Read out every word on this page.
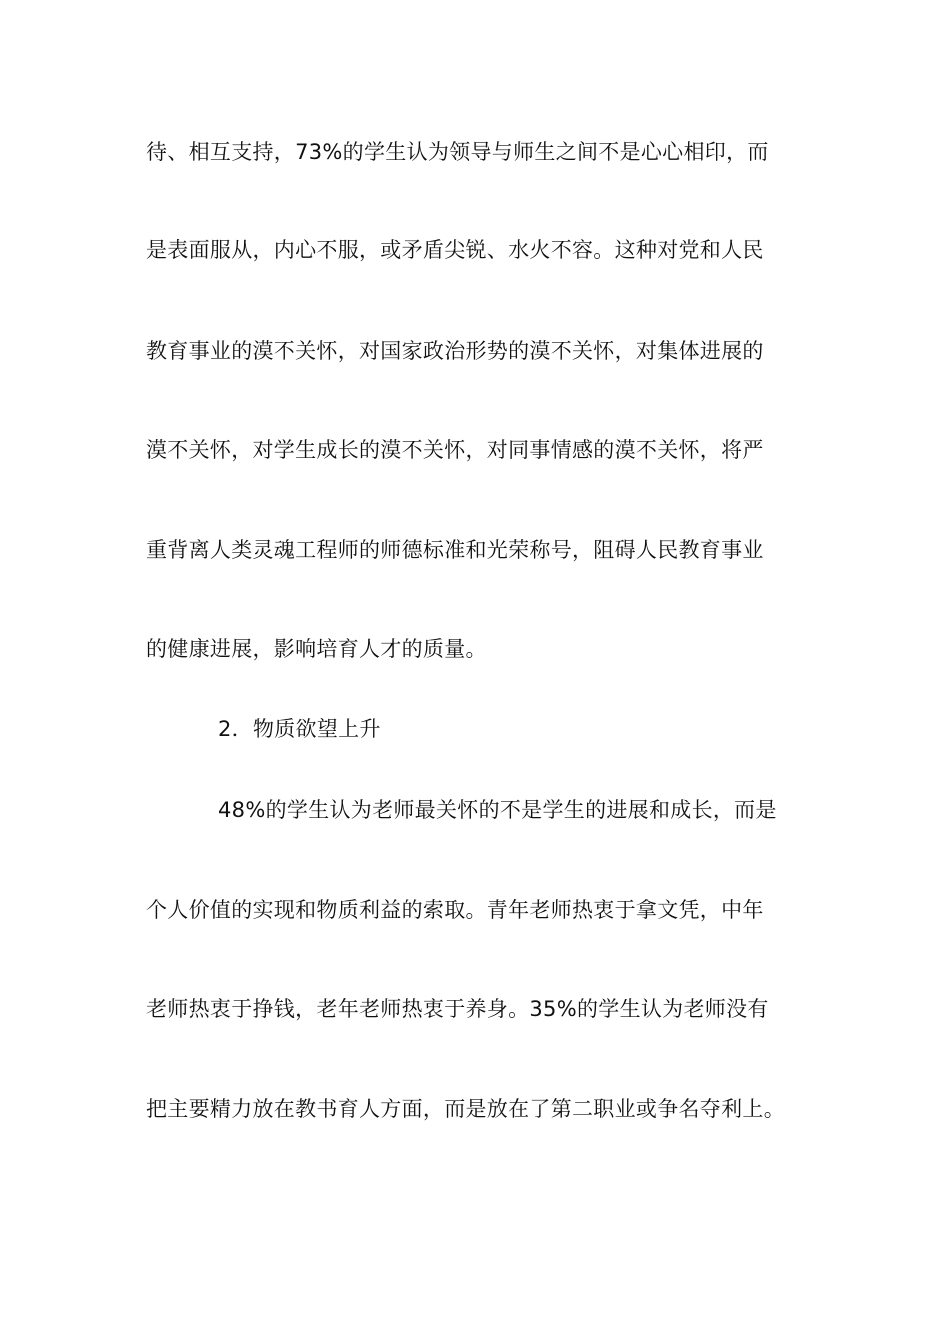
待、相互支持，73%的学生认为领导与师生之间不是心心相印，而
是表面服从，内心不服，或矛盾尖锐、水火不容。这种对党和人民
教育事业的漠不关怀，对国家政治形势的漠不关怀，对集体进展的
漠不关怀，对学生成长的漠不关怀，对同事情感的漠不关怀，将严
重背离人类灵魂工程师的师德标准和光荣称号，阻碍人民教育事业
的健康进展，影响培育人才的质量。
2．物质欲望上升
48%的学生认为老师最关怀的不是学生的进展和成长，而是
个人价值的实现和物质利益的索取。青年老师热衷于拿文凭，中年
老师热衷于挣钱，老年老师热衷于养身。35%的学生认为老师没有
把主要精力放在教书育人方面，而是放在了第二职业或争名夺利上。
